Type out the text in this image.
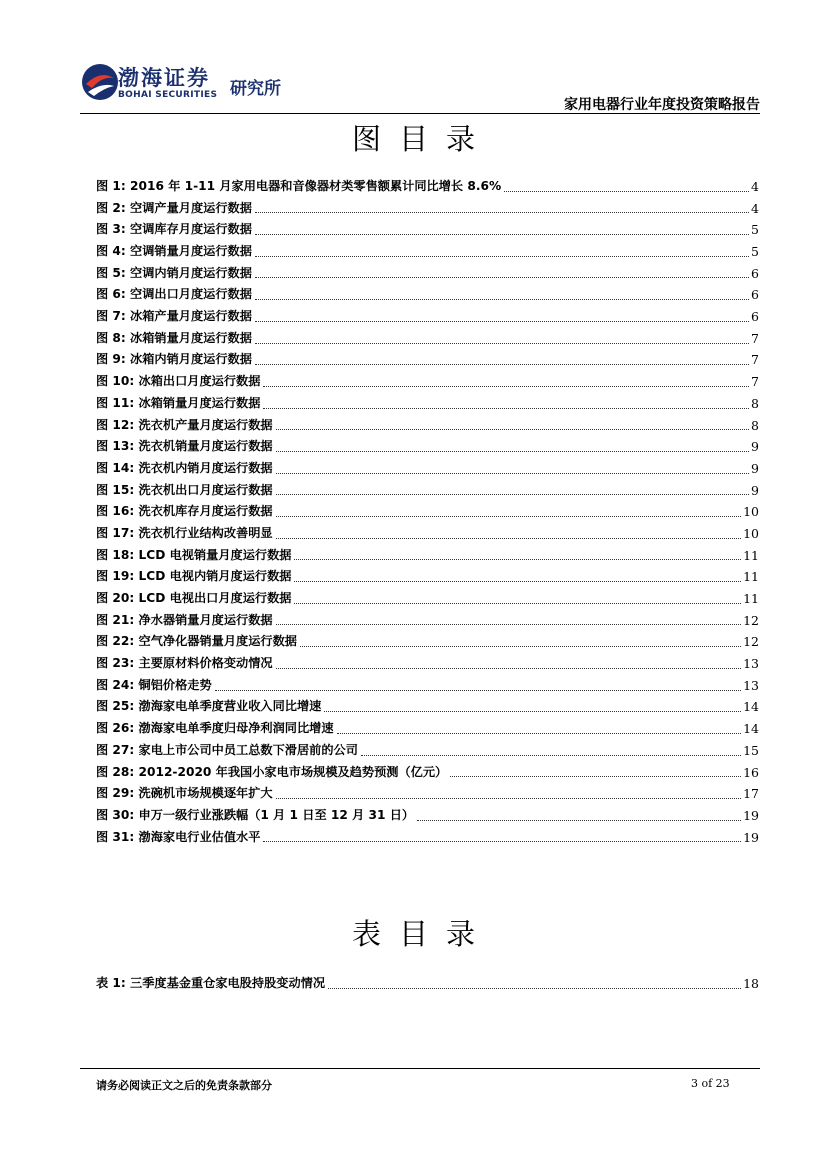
渤海证券
BOHAI SECURITIES 研究所
家用电器行业年度投资策略报告
图目录
图 1: 2016 年 1-11 月家用电器和音像器材类零售额累计同比增长 8.6%	4
图 2: 空调产量月度运行数据	4
图 3: 空调库存月度运行数据	5
图 4: 空调销量月度运行数据	5
图 5: 空调内销月度运行数据	6
图 6: 空调出口月度运行数据	6
图 7: 冰箱产量月度运行数据	6
图 8: 冰箱销量月度运行数据	7
图 9: 冰箱内销月度运行数据	7
图 10: 冰箱出口月度运行数据	7
图 11: 冰箱销量月度运行数据	8
图 12: 洗衣机产量月度运行数据	8
图 13: 洗衣机销量月度运行数据	9
图 14: 洗衣机内销月度运行数据	9
图 15: 洗衣机出口月度运行数据	9
图 16: 洗衣机库存月度运行数据	10
图 17: 洗衣机行业结构改善明显	10
图 18: LCD 电视销量月度运行数据	11
图 19: LCD 电视内销月度运行数据	11
图 20: LCD 电视出口月度运行数据	11
图 21: 净水器销量月度运行数据	12
图 22: 空气净化器销量月度运行数据	12
图 23: 主要原材料价格变动情况	13
图 24: 铜铝价格走势	13
图 25: 渤海家电单季度营业收入同比增速	14
图 26: 渤海家电单季度归母净利润同比增速	14
图 27: 家电上市公司中员工总数下滑居前的公司	15
图 28: 2012-2020 年我国小家电市场规模及趋势预测（亿元）	16
图 29: 洗碗机市场规模逐年扩大	17
图 30: 申万一级行业涨跌幅（1 月 1 日至 12 月 31 日）	19
图 31: 渤海家电行业估值水平	19
表目录
表 1: 三季度基金重仓家电股持股变动情况	18
请务必阅读正文之后的免责条款部分	3 of 23
